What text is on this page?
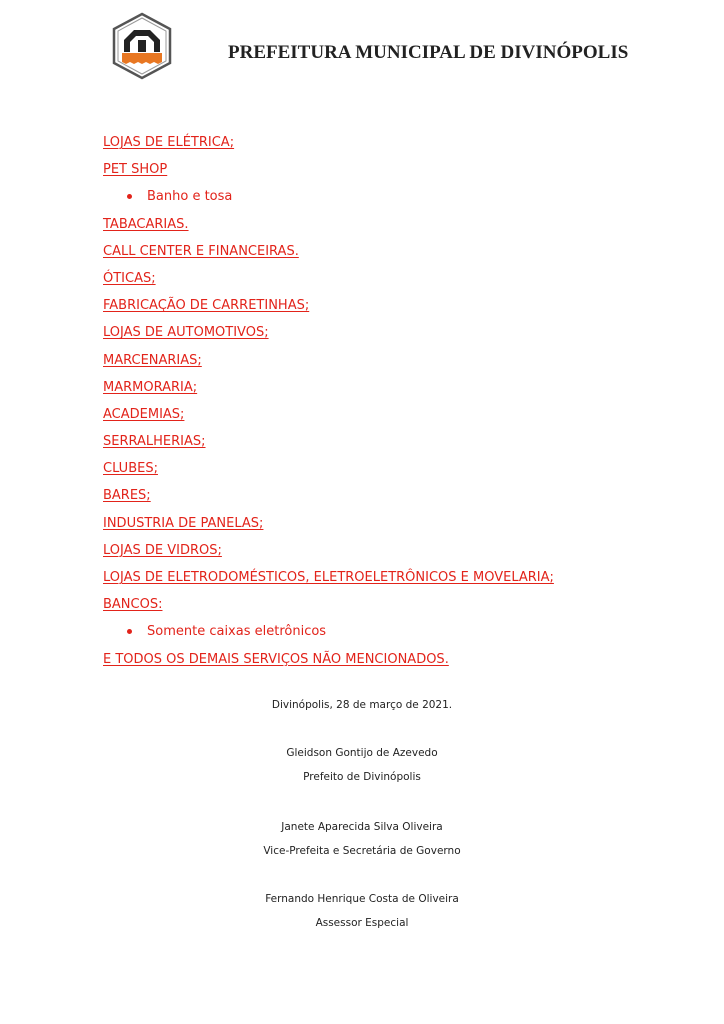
PREFEITURA MUNICIPAL DE DIVINÓPOLIS
LOJAS DE ELÉTRICA;
PET SHOP
Banho e tosa
TABACARIAS.
CALL CENTER E FINANCEIRAS.
ÓTICAS;
FABRICAÇÃO DE CARRETINHAS;
LOJAS DE AUTOMOTIVOS;
MARCENARIAS;
MARMORARIA;
ACADEMIAS;
SERRALHERIAS;
CLUBES;
BARES;
INDUSTRIA DE PANELAS;
LOJAS DE VIDROS;
LOJAS DE ELETRODOMÉSTICOS, ELETROELETRÔNICOS E MOVELARIA;
BANCOS:
Somente caixas eletrônicos
E TODOS OS DEMAIS SERVIÇOS NÃO MENCIONADOS.
Divinópolis, 28 de março de 2021.
Gleidson Gontijo de Azevedo
Prefeito de Divinópolis
Janete Aparecida Silva Oliveira
Vice-Prefeita e Secretária de Governo
Fernando Henrique Costa de Oliveira
Assessor Especial
